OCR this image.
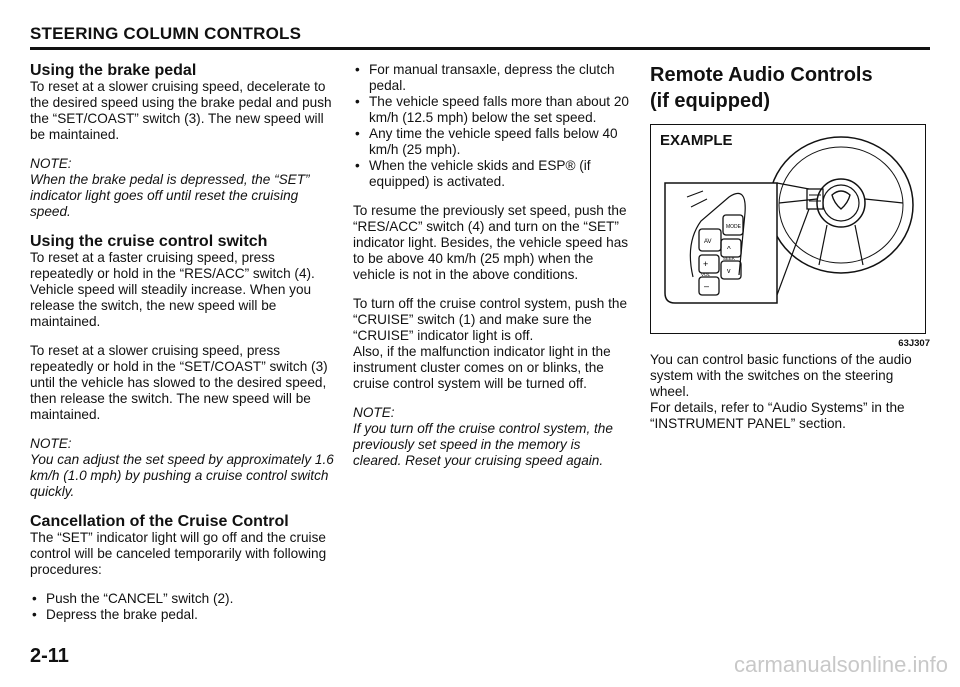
STEERING COLUMN CONTROLS
Using the brake pedal

To reset at a slower cruising speed, decelerate to the desired speed using the brake pedal and push the “SET/COAST” switch (3). The new speed will be maintained.

NOTE:

When the brake pedal is depressed, the “SET” indicator light goes off until reset the cruising speed.

Using the cruise control switch

To reset at a faster cruising speed, press repeatedly or hold in the “RES/ACC” switch (4). Vehicle speed will steadily increase. When you release the switch, the new speed will be maintained.

To reset at a slower cruising speed, press repeatedly or hold in the “SET/COAST” switch (3) until the vehicle has slowed to the desired speed, then release the switch. The new speed will be maintained.

NOTE:

You can adjust the set speed by approximately 1.6 km/h (1.0 mph) by pushing a cruise control switch quickly.

Cancellation of the Cruise Control

The “SET” indicator light will go off and the cruise control will be canceled temporarily with following procedures:

• Push the “CANCEL” switch (2).
• Depress the brake pedal.
• For manual transaxle, depress the clutch pedal.
• The vehicle speed falls more than about 20 km/h (12.5 mph) below the set speed.
• Any time the vehicle speed falls below 40 km/h (25 mph).
• When the vehicle skids and ESP® (if equipped) is activated.

To resume the previously set speed, push the “RES/ACC” switch (4) and turn on the “SET” indicator light. Besides, the vehicle speed has to be above 40 km/h (25 mph) when the vehicle is not in the above conditions.

To turn off the cruise control system, push the “CRUISE” switch (1) and make sure the “CRUISE” indicator light is off.

Also, if the malfunction indicator light in the instrument cluster comes on or blinks, the cruise control system will be turned off.

NOTE:

If you turn off the cruise control system, the previously set speed in the memory is cleared. Reset your cruising speed again.

Remote Audio Controls
(if equipped)
EXAMPLE
AV
MODE
+
^
–
v
VOL
SEEK
63J307

You can control basic functions of the audio system with the switches on the steering wheel.

For details, refer to “Audio Systems” in the “INSTRUMENT PANEL” section.

2-11	carmanualsonline.info
